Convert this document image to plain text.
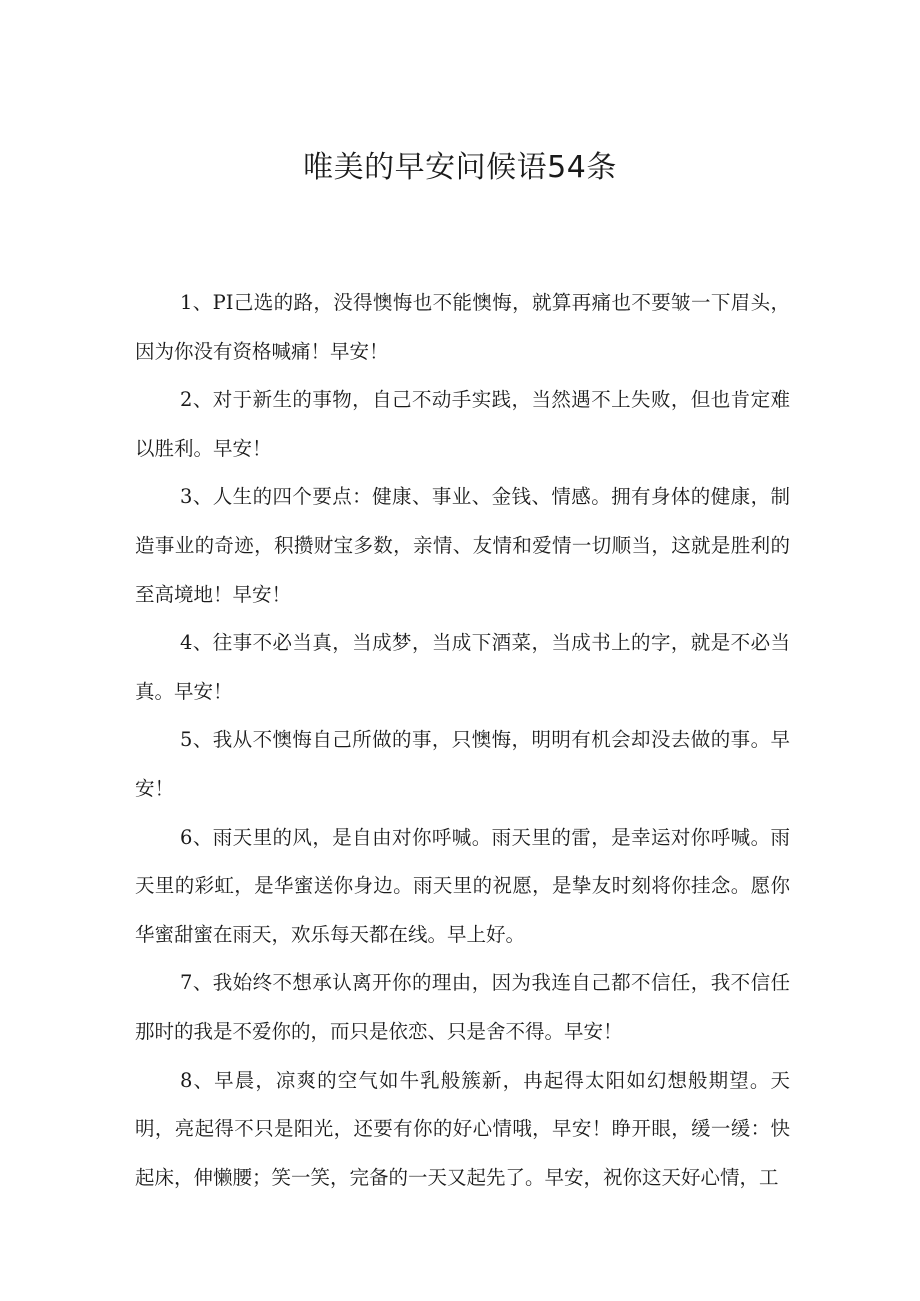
唯美的早安问候语54条

1、PI己选的路，没得懊悔也不能懊悔，就算再痛也不要皱一下眉头，因为你没有资格喊痛！早安！

2、对于新生的事物，自己不动手实践，当然遇不上失败，但也肯定难以胜利。早安！

3、人生的四个要点：健康、事业、金钱、情感。拥有身体的健康，制造事业的奇迹，积攒财宝多数，亲情、友情和爱情一切顺当，这就是胜利的至高境地！早安！

4、往事不必当真，当成梦，当成下酒菜，当成书上的字，就是不必当真。早安！

5、我从不懊悔自己所做的事，只懊悔，明明有机会却没去做的事。早安！

6、雨天里的风，是自由对你呼喊。雨天里的雷，是幸运对你呼喊。雨天里的彩虹，是华蜜送你身边。雨天里的祝愿，是挚友时刻将你挂念。愿你华蜜甜蜜在雨天，欢乐每天都在线。早上好。

7、我始终不想承认离开你的理由，因为我连自己都不信任，我不信任那时的我是不爱你的，而只是依恋、只是舍不得。早安！

8、早晨，凉爽的空气如牛乳般簇新，冉起得太阳如幻想般期望。天明，亮起得不只是阳光，还要有你的好心情哦，早安！睁开眼，缓一缓：快起床，伸懒腰；笑一笑，完备的一天又起先了。早安，祝你这天好心情，工
